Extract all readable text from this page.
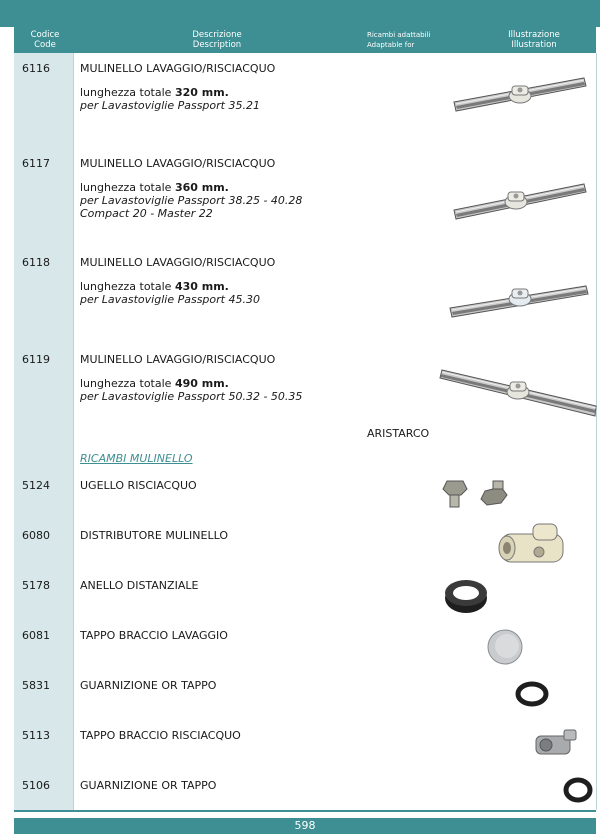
Codice
Code
Descrizione
Description
Ricambi adattabili
Adaptable for
Illustrazione
Illustration
6116	MULINELLO LAVAGGIO/RISCIACQUO
lunghezza totale 320 mm.
per Lavastoviglie Passport 35.21
6117	MULINELLO LAVAGGIO/RISCIACQUO
lunghezza totale 360 mm.
per Lavastoviglie Passport 38.25 - 40.28
Compact 20 - Master 22
6118	MULINELLO LAVAGGIO/RISCIACQUO
lunghezza totale 430 mm.
per Lavastoviglie Passport 45.30
6119	MULINELLO LAVAGGIO/RISCIACQUO
lunghezza totale 490 mm.
per Lavastoviglie Passport 50.32 - 50.35
ARISTARCO
RICAMBI MULINELLO
5124	UGELLO RISCIACQUO
6080	DISTRIBUTORE MULINELLO
5178	ANELLO DISTANZIALE
6081	TAPPO BRACCIO LAVAGGIO
5831	GUARNIZIONE OR TAPPO
5113	TAPPO BRACCIO RISCIACQUO
5106	GUARNIZIONE OR TAPPO
598
